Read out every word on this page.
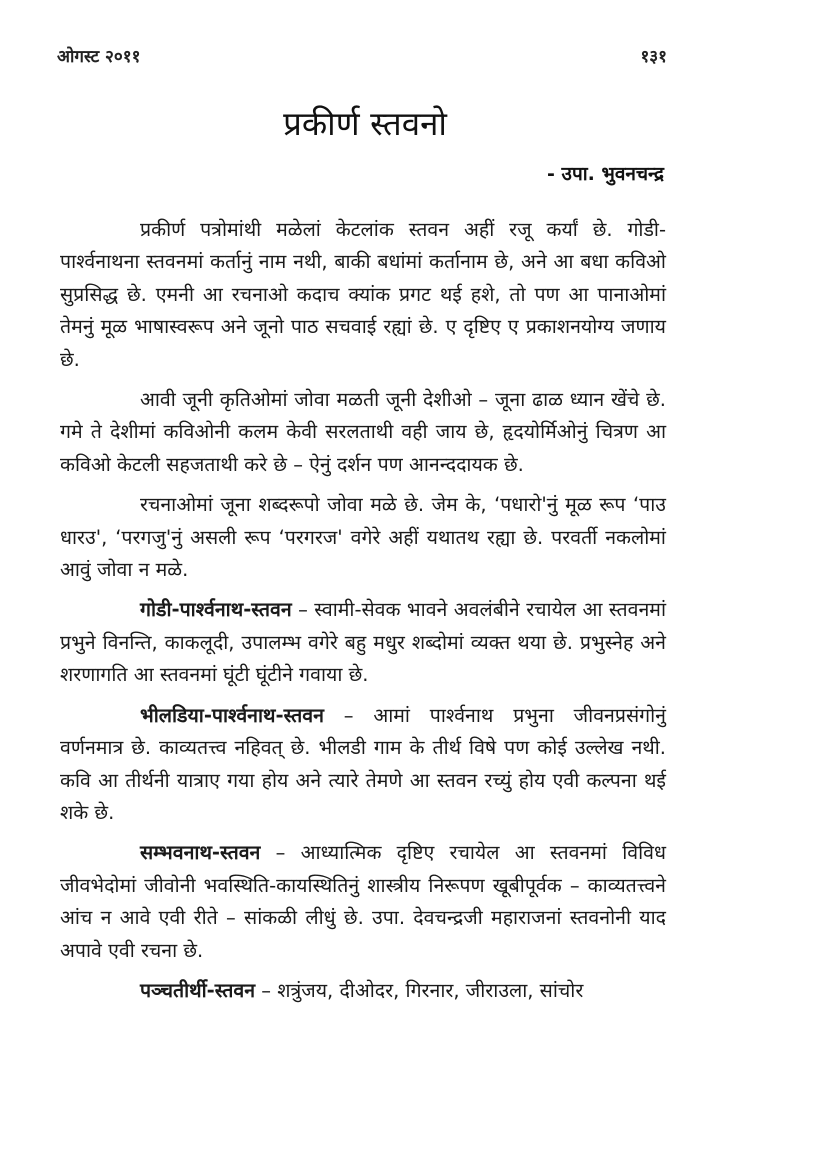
ओगस्ट २०११	१३१
प्रकीर्ण स्तवनो
- उपा. भुवनचन्द्र

प्रकीर्ण पत्रोमांथी मळेलां केटलांक स्तवन अहीं रजू कर्यां छे. गोडी-पार्श्वनाथना स्तवनमां कर्तानुं नाम नथी, बाकी बधांमां कर्तानाम छे, अने आ बधा कविओ सुप्रसिद्ध छे. एमनी आ रचनाओ कदाच क्यांक प्रगट थई हशे, तो पण आ पानाओमां तेमनुं मूळ भाषास्वरूप अने जूनो पाठ सचवाई रह्यां छे. ए दृष्टिए ए प्रकाशनयोग्य जणाय छे.

आवी जूनी कृतिओमां जोवा मळती जूनी देशीओ – जूना ढाळ ध्यान खेंचे छे. गमे ते देशीमां कविओनी कलम केवी सरलताथी वही जाय छे, हृदयोर्मिओनुं चित्रण आ कविओ केटली सहजताथी करे छे – ऐनुं दर्शन पण आनन्ददायक छे.

रचनाओमां जूना शब्दरूपो जोवा मळे छे. जेम के, ‘पधारो'नुं मूळ रूप ‘पाउ धारउ', ‘परगजु'नुं असली रूप ‘परगरज' वगेरे अहीं यथातथ रह्या छे. परवर्ती नकलोमां आवुं जोवा न मळे.

गोडी-पार्श्वनाथ-स्तवन – स्वामी-सेवक भावने अवलंबीने रचायेल आ स्तवनमां प्रभुने विनन्ति, काकलूदी, उपालम्भ वगेरे बहु मधुर शब्दोमां व्यक्त थया छे. प्रभुस्नेह अने शरणागति आ स्तवनमां घूंटी घूंटीने गवाया छे.

भीलडिया-पार्श्वनाथ-स्तवन – आमां पार्श्वनाथ प्रभुना जीवनप्रसंगोनुं वर्णनमात्र छे. काव्यतत्त्व नहिवत् छे. भीलडी गाम के तीर्थ विषे पण कोई उल्लेख नथी. कवि आ तीर्थनी यात्राए गया होय अने त्यारे तेमणे आ स्तवन रच्युं होय एवी कल्पना थई शके छे.

सम्भवनाथ-स्तवन – आध्यात्मिक दृष्टिए रचायेल आ स्तवनमां विविध जीवभेदोमां जीवोनी भवस्थिति-कायस्थितिनुं शास्त्रीय निरूपण खूबीपूर्वक – काव्यतत्त्वने आंच न आवे एवी रीते – सांकळी लीधुं छे. उपा. देवचन्द्रजी महाराजनां स्तवनोनी याद अपावे एवी रचना छे.

पञ्चतीर्थी-स्तवन – शत्रुंजय, दीओदर, गिरनार, जीराउला, सांचोर
